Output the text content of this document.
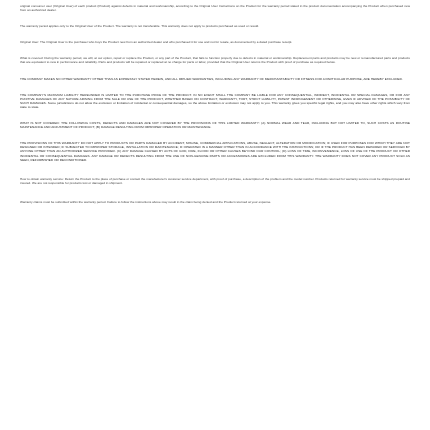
original consumer user (Original User) of each product (Product) against defects in material and workmanship, according to the Original User Instructions on the Product for the warranty period stated in the product documentation accompanying the Product when purchased new from an authorized dealer.

The warranty period applies only to the Original User of the Product. The warranty is not transferable. This warranty does not apply to products purchased as used or resold.

Original User: The Original User is the purchaser who buys the Product new from an authorized dealer and who purchased it for use and not for resale, as documented by a dated purchase receipt.

What is covered: During the warranty period, we will, at our option, repair or replace the Product, or any part of the Product, that fails to function properly due to defects in material or workmanship. Replacement parts and products may be new or remanufactured parts and products that are equivalent to new in performance and reliability. Parts and products will be repaired or replaced at no charge for parts or labor, provided that the Original User returns the Product with proof of purchase as required below.

THE COMPANY MAKES NO OTHER WARRANTY OTHER THAN AS EXPRESSLY STATED HEREIN, AND ALL IMPLIED WARRANTIES, INCLUDING ANY WARRANTY OF MERCHANTABILITY OR FITNESS FOR A PARTICULAR PURPOSE, ARE HEREBY EXCLUDED.

THE COMPANY'S MAXIMUM LIABILITY HEREUNDER IS LIMITED TO THE PURCHASE PRICE OF THE PRODUCT. IN NO EVENT SHALL THE COMPANY BE LIABLE FOR ANY CONSEQUENTIAL, INDIRECT, INCIDENTAL OR SPECIAL DAMAGES, OR FOR ANY PUNITIVE DAMAGES OF ANY NATURE ARISING FROM THE SALE OR USE OF THE PRODUCT, WHETHER BASED ON CONTRACT, WARRANTY, TORT, STRICT LIABILITY, PATENT INFRINGEMENT OR OTHERWISE, EVEN IF ADVISED OF THE POSSIBILITY OF SUCH DAMAGES. Some jurisdictions do not allow the exclusion or limitation of incidental or consequential damages, so the above limitation or exclusion may not apply to you. This warranty gives you specific legal rights, and you may also have other rights which vary from state to state.

WHAT IS NOT COVERED: THE FOLLOWING COSTS, DEFECTS AND DAMAGES ARE NOT COVERED BY THE PROVISIONS OF THIS LIMITED WARRANTY: (A) NORMAL WEAR AND TEAR, INCLUDING BUT NOT LIMITED TO, SUCH COSTS AS ROUTINE MAINTENANCE AND ADJUSTMENT OF PRODUCT; (B) DAMAGE RESULTING FROM IMPROPER OPERATION OR MAINTENANCE.

THE PROVISIONS OF THIS WARRANTY DO NOT APPLY TO PRODUCTS OR PARTS DAMAGED BY ACCIDENT, MISUSE, COMMERCIAL APPLICATIONS, ABUSE, NEGLECT, ALTERATION OR MODIFICATION; IF USED FOR PURPOSES FOR WHICH THEY ARE NOT DESIGNED OR INTENDED; IF SUBJECTED TO IMPROPER STORAGE, INSTALLATION OR MAINTENANCE; IF OPERATED IN A MANNER OTHER THAN IN ACCORDANCE WITH THE INSTRUCTIONS; OR IF THE PRODUCT HAS BEEN REPAIRED OR SERVICED BY ANYONE OTHER THAN AN AUTHORIZED SERVICE PROVIDER. (C) ANY DAMAGE CAUSED BY ACTS OF GOD, FIRE, FLOOD OR OTHER CAUSES BEYOND OUR CONTROL; (D) LOSS OF TIME, INCONVENIENCE, LOSS OF USE OF THE PRODUCT OR OTHER INCIDENTAL OR CONSEQUENTIAL DAMAGES. ANY DAMAGE OR DEFECTS RESULTING FROM THE USE OF NON-GENUINE PARTS OR ACCESSORIES ARE EXCLUDED FROM THIS WARRANTY. THE WARRANTY DOES NOT COVER ANY PRODUCT SOLD AS SEEN, REFURBISHED OR RECONDITIONED.

How to obtain warranty service: Return the Product to the place of purchase or contact the manufacturer's customer service department, with proof of purchase, a description of the problem and the model number. Products returned for warranty service must be shipped prepaid and insured. We are not responsible for products lost or damaged in shipment.

Warranty claims must be submitted within the warranty period. Failure to follow the instructions above may result in the claim being denied and the Product returned at your expense.
